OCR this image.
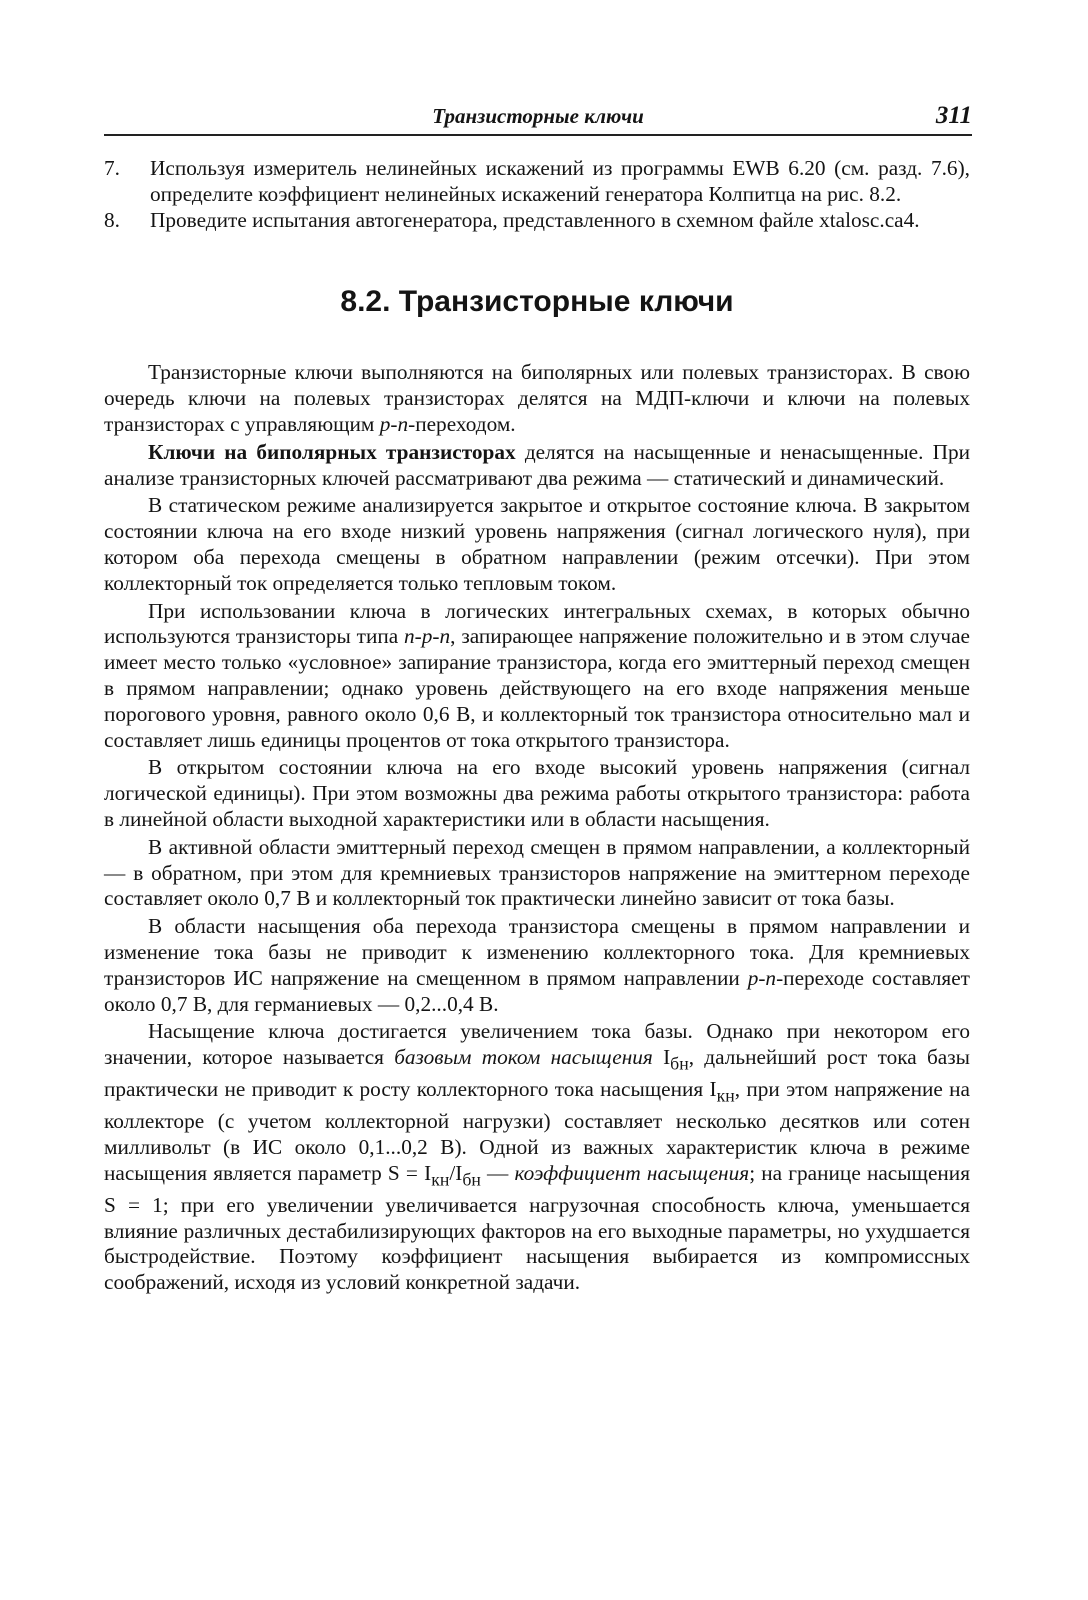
Транзисторные ключи	311
7. Используя измеритель нелинейных искажений из программы EWB 6.20 (см. разд. 7.6), определите коэффициент нелинейных искажений генератора Колпитца на рис. 8.2.
8. Проведите испытания автогенератора, представленного в схемном файле xtalosc.ca4.
8.2. Транзисторные ключи

Транзисторные ключи выполняются на биполярных или полевых транзисторах. В свою очередь ключи на полевых транзисторах делятся на МДП-ключи и ключи на полевых транзисторах с управляющим p-n-переходом.

Ключи на биполярных транзисторах делятся на насыщенные и ненасыщенные. При анализе транзисторных ключей рассматривают два режима — статический и динамический.

В статическом режиме анализируется закрытое и открытое состояние ключа. В закрытом состоянии ключа на его входе низкий уровень напряжения (сигнал логического нуля), при котором оба перехода смещены в обратном направлении (режим отсечки). При этом коллекторный ток определяется только тепловым током.

При использовании ключа в логических интегральных схемах, в которых обычно используются транзисторы типа n-p-n, запирающее напряжение положительно и в этом случае имеет место только «условное» запирание транзистора, когда его эмиттерный переход смещен в прямом направлении; однако уровень действующего на его входе напряжения меньше порогового уровня, равного около 0,6 В, и коллекторный ток транзистора относительно мал и составляет лишь единицы процентов от тока открытого транзистора.

В открытом состоянии ключа на его входе высокий уровень напряжения (сигнал логической единицы). При этом возможны два режима работы открытого транзистора: работа в линейной области выходной характеристики или в области насыщения.

В активной области эмиттерный переход смещен в прямом направлении, а коллекторный — в обратном, при этом для кремниевых транзисторов напряжение на эмиттерном переходе составляет около 0,7 В и коллекторный ток практически линейно зависит от тока базы.

В области насыщения оба перехода транзистора смещены в прямом направлении и изменение тока базы не приводит к изменению коллекторного тока. Для кремниевых транзисторов ИС напряжение на смещенном в прямом направлении p-n-переходе составляет около 0,7 В, для германиевых — 0,2...0,4 В.

Насыщение ключа достигается увеличением тока базы. Однако при некотором его значении, которое называется базовым током насыщения $I_{бн}$, дальнейший рост тока базы практически не приводит к росту коллекторного тока насыщения $I_{кн}$, при этом напряжение на коллекторе (с учетом коллекторной нагрузки) составляет несколько десятков или сотен милливольт (в ИС около 0,1...0,2 В). Одной из важных характеристик ключа в режиме насыщения является параметр $S = I_{кн}/I_{бн}$ — коэффициент насыщения; на границе насыщения S = 1; при его увеличении увеличивается нагрузочная способность ключа, уменьшается влияние различных дестабилизирующих факторов на его выходные параметры, но ухудшается быстродействие. Поэтому коэффициент насыщения выбирается из компромиссных соображений, исходя из условий конкретной задачи.
